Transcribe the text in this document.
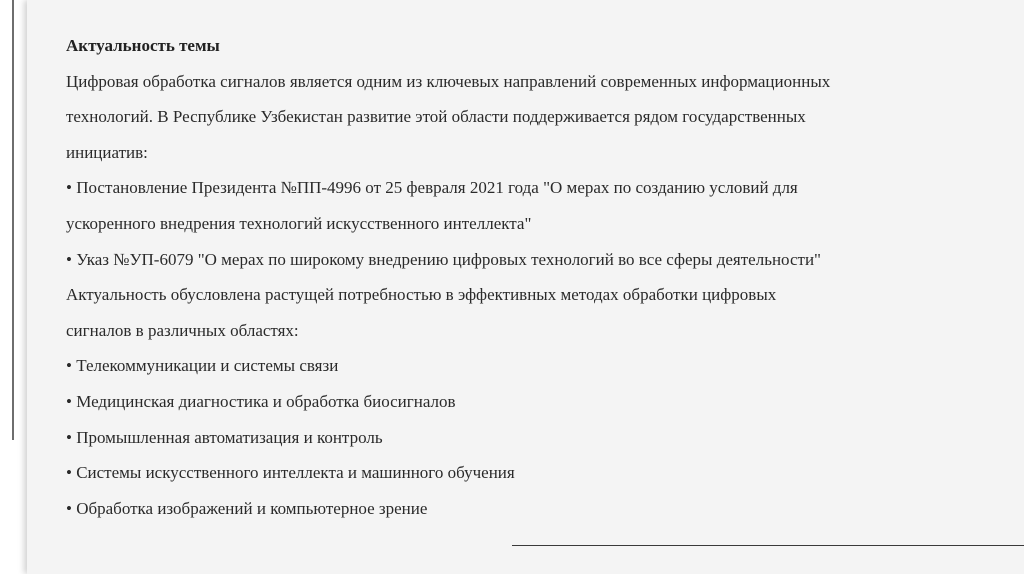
Актуальность темы
Цифровая обработка сигналов является одним из ключевых направлений современных информационных
технологий. В Республике Узбекистан развитие этой области поддерживается рядом государственных
инициатив:
• Постановление Президента №ПП-4996 от 25 февраля 2021 года "О мерах по созданию условий для
ускоренного внедрения технологий искусственного интеллекта"
• Указ №УП-6079 "О мерах по широкому внедрению цифровых технологий во все сферы деятельности"
Актуальность обусловлена растущей потребностью в эффективных методах обработки цифровых
сигналов в различных областях:
• Телекоммуникации и системы связи
• Медицинская диагностика и обработка биосигналов
• Промышленная автоматизация и контроль
• Системы искусственного интеллекта и машинного обучения
• Обработка изображений и компьютерное зрение
